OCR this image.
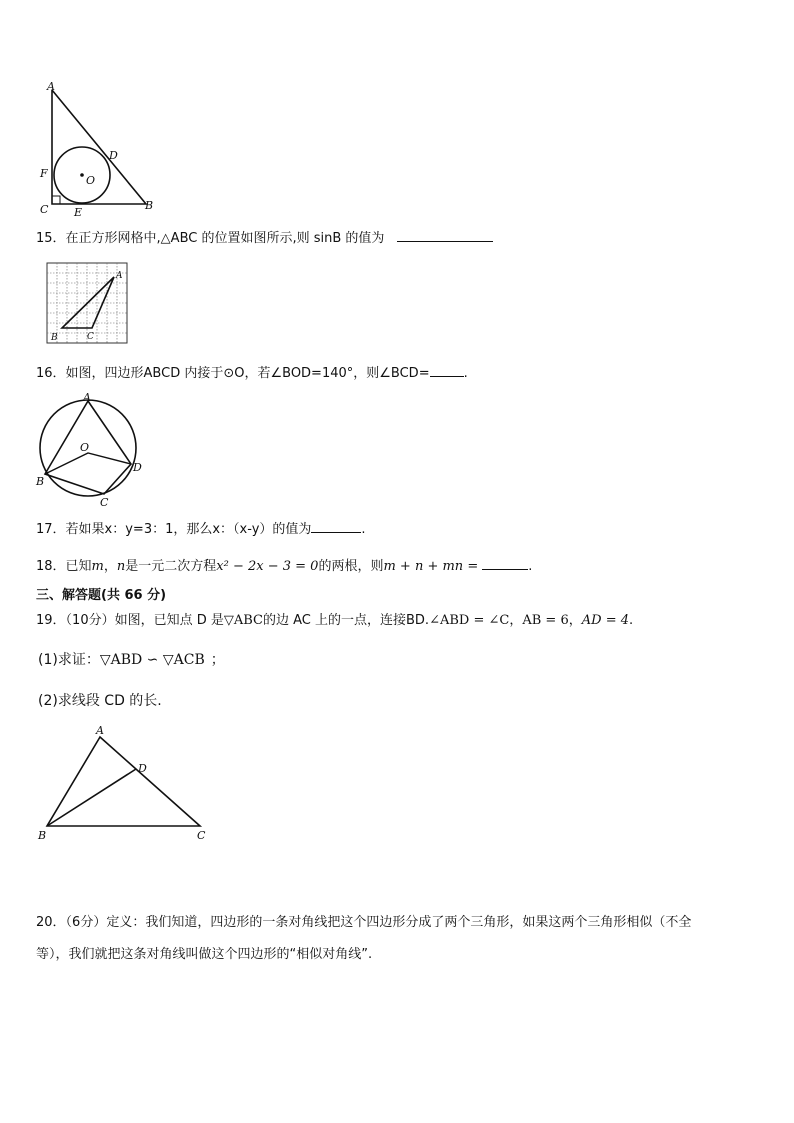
A
D
F
O
C E
B
15．在正方形网格中,△ABC 的位置如图所示,则 sinB 的值为
A
B	C
16．如图，四边形ABCD 内接于⊙O，若∠BOD=140°，则∠BCD=	.
A
O
D
B
C
17．若如果x：y=3：1，那么x：（x-y）的值为	.
18．已知m，n是一元二次方程x² − 2x − 3 = 0的两根，则m + n + mn =	.
三、解答题(共 66 分)
19．（10分）如图，已知点 D 是▽ABC的边 AC 上的一点，连接BD.∠ABD = ∠C，AB = 6，AD = 4.
(1)求证：▽ABD ∽ ▽ACB ；
(2)求线段 CD 的长.
A
D
B	C
20．（6分）定义：我们知道，四边形的一条对角线把这个四边形分成了两个三角形，如果这两个三角形相似（不全
等），我们就把这条对角线叫做这个四边形的“相似对角线”.
